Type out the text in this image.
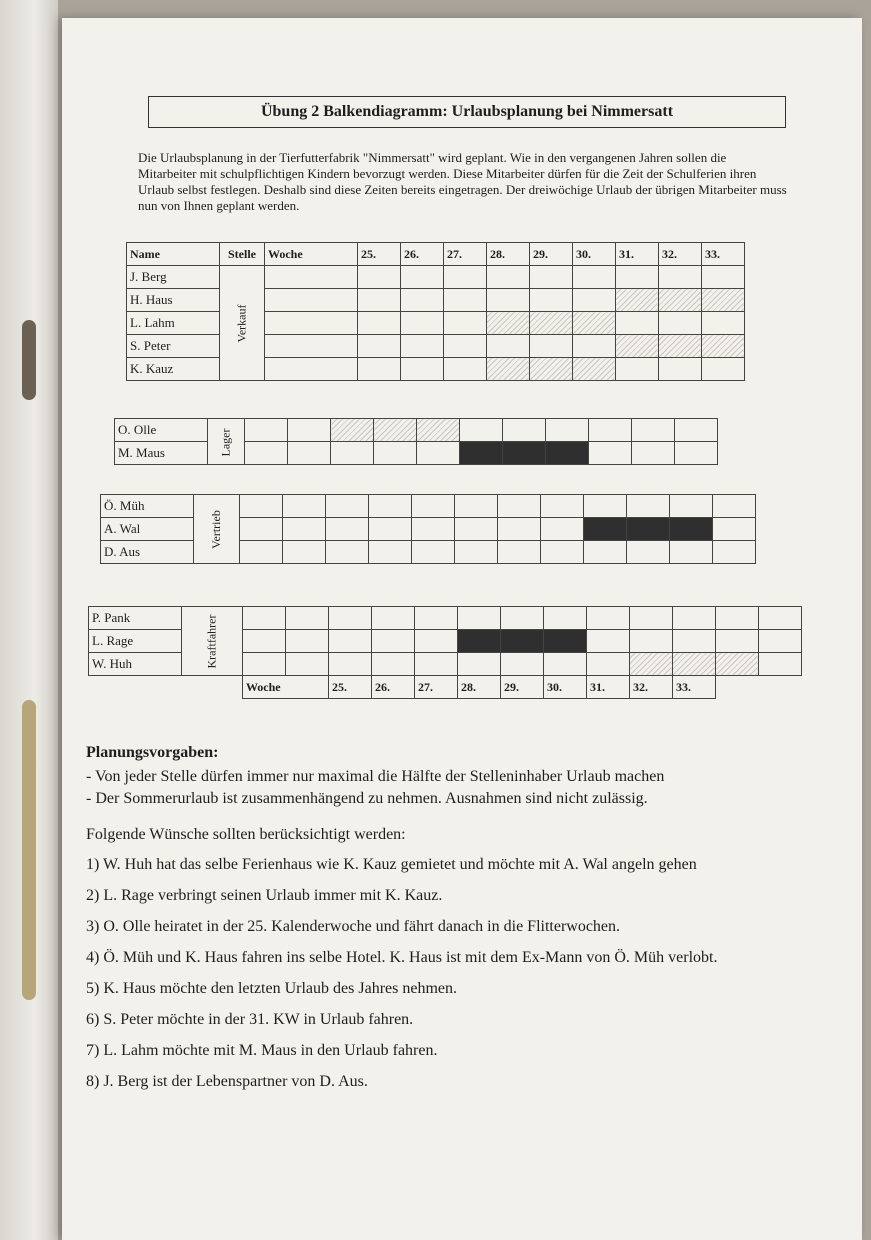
Übung 2 Balkendiagramm: Urlaubsplanung bei Nimmersatt
Die Urlaubsplanung in der Tierfutterfabrik "Nimmersatt" wird geplant. Wie in den vergangenen Jahren sollen die Mitarbeiter mit schulpflichtigen Kindern bevorzugt werden. Diese Mitarbeiter dürfen für die Zeit der Schulferien ihren Urlaub selbst festlegen. Deshalb sind diese Zeiten bereits eingetragen. Der dreiwöchige Urlaub der übrigen Mitarbeiter muss nun von Ihnen geplant werden.
Name	Stelle	Woche	25.	26.	27.	28.	29.	30.	31.	32.	33.
J. Berg	Verkauf										
H. Haus											
L. Lahm											
S. Peter											
K. Kauz											
O. Olle	Lager											
M. Maus												
Ö. Müh	Vertrieb												
A. Wal													
D. Aus													
P. Pank	Kraftfahrer													
L. Rage														
W. Huh														
		Woche		25.	26.	27.	28.	29.	30.	31.	32.	33.		
Planungsvorgaben:

- Von jeder Stelle dürfen immer nur maximal die Hälfte der Stelleninhaber Urlaub machen

- Der Sommerurlaub ist zusammenhängend zu nehmen. Ausnahmen sind nicht zulässig.

Folgende Wünsche sollten berücksichtigt werden:

1) W. Huh hat das selbe Ferienhaus wie K. Kauz gemietet und möchte mit A. Wal angeln gehen
2) L. Rage verbringt seinen Urlaub immer mit K. Kauz.
3) O. Olle heiratet in der 25. Kalenderwoche und fährt danach in die Flitterwochen.
4) Ö. Müh und K. Haus fahren ins selbe Hotel. K. Haus ist mit dem Ex-Mann von Ö. Müh verlobt.
5) K. Haus möchte den letzten Urlaub des Jahres nehmen.
6) S. Peter möchte in der 31. KW in Urlaub fahren.
7) L. Lahm möchte mit M. Maus in den Urlaub fahren.
8) J. Berg ist der Lebenspartner von D. Aus.
